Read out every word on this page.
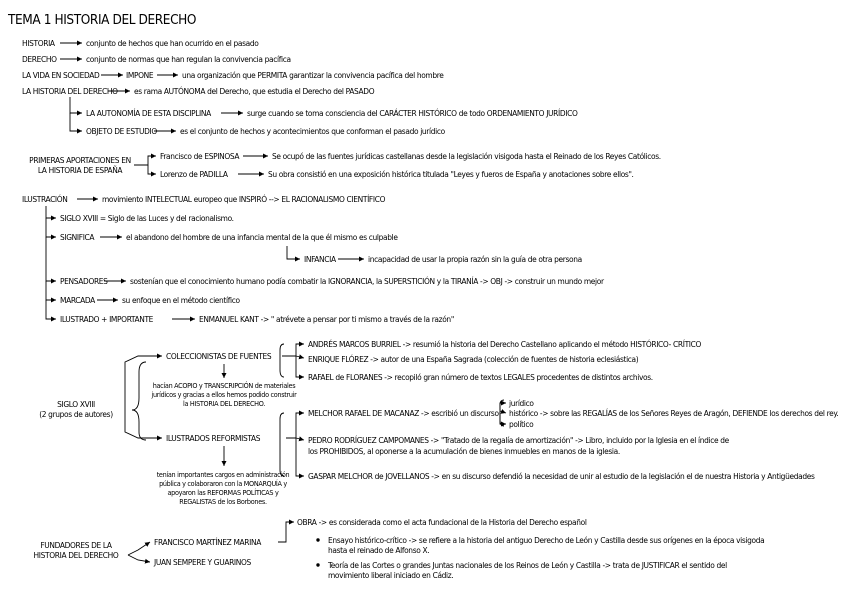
TEMA 1 HISTORIA DEL DERECHO
HISTORIA	conjunto de hechos que han ocurrido en el pasado
DERECHO	conjunto de normas que han regulan la convivencia pacífica
LA VIDA EN SOCIEDAD	IMPONE	una organización que PERMITA garantizar la convivencia pacífica del hombre
LA HISTORIA DEL DERECHO es rama AUTÓNOMA del Derecho, que estudia el Derecho del PASADO
LA AUTONOMÍA DE ESTA DISCIPLINA	surge cuando se toma consciencia del CARÁCTER HISTÓRICO de todo ORDENAMIENTO JURÍDICO
OBJETO DE ESTUDIO	es el conjunto de hechos y acontecimientos que conforman el pasado jurídico
PRIMERAS APORTACIONES EN LA HISTORIA DE ESPAÑA
Francisco de ESPINOSA	Se ocupó de las fuentes jurídicas castellanas desde la legislación visigoda hasta el Reinado de los Reyes Católicos.
Lorenzo de PADILLA	Su obra consistió en una exposición histórica titulada "Leyes y fueros de España y anotaciones sobre ellos".
ILUSTRACIÓN	movimiento INTELECTUAL europeo que INSPIRÓ --> EL RACIONALISMO CIENTÍFICO
SIGLO XVIII = Siglo de las Luces y del racionalismo.
SIGNIFICA	el abandono del hombre de una infancia mental de la que él mismo es culpable
INFANCIA	incapacidad de usar la propia razón sin la guía de otra persona
PENSADORES	sostenían que el conocimiento humano podía combatir la IGNORANCIA, la SUPERSTICIÓN y la TIRANÍA -> OBJ -> construir un mundo mejor
MARCADA	su enfoque en el método científico
ILUSTRADO + IMPORTANTE	ENMANUEL KANT -> " atrévete a pensar por ti mismo a través de la razón"
SIGLO XVIII
(2 grupos de autores)
COLECCIONISTAS DE FUENTES
hacían ACOPIO y TRANSCRIPCIÓN de materiales jurídicos y gracias a ellos hemos podido construir la HISTORIA DEL DERECHO.
ANDRÉS MARCOS BURRIEL -> resumió la historia del Derecho Castellano aplicando el método HISTÓRICO- CRÍTICO
ENRIQUE FLÓREZ -> autor de una España Sagrada (colección de fuentes de historia eclesiástica)
RAFAEL de FLORANES -> recopiló gran número de textos LEGALES procedentes de distintos archivos.
ILUSTRADOS REFORMISTAS
tenían importantes cargos en administración pública y colaboraron con la MONARQUÍA y apoyaron las REFORMAS POLÍTICAS y REGALISTAS de los Borbones.
MELCHOR RAFAEL DE MACANAZ -> escribió un discurso
jurídico
histórico -> sobre las REGALÍAS de los Señores Reyes de Aragón, DEFIENDE los derechos del rey.
político
PEDRO RODRÍGUEZ CAMPOMANES -> "Tratado de la regalía de amortización" -> Libro, incluido por la Iglesia en el índice de
los PROHIBIDOS, al oponerse a la acumulación de bienes inmuebles en manos de la iglesia.
GASPAR MELCHOR de JOVELLANOS -> en su discurso defendió la necesidad de unir al estudio de la legislación el de nuestra Historia y Antigüedades
FUNDADORES DE LA HISTORIA DEL DERECHO
FRANCISCO MARTÍNEZ MARINA
JUAN SEMPERE Y GUARINOS
OBRA -> es considerada como el acta fundacional de la Historia del Derecho español
Ensayo histórico-crítico -> se refiere a la historia del antiguo Derecho de León y Castilla desde sus orígenes en la época visigoda
hasta el reinado de Alfonso X.
Teoría de las Cortes o grandes Juntas nacionales de los Reinos de León y Castilla -> trata de JUSTIFICAR el sentido del
movimiento liberal iniciado en Cádiz.
